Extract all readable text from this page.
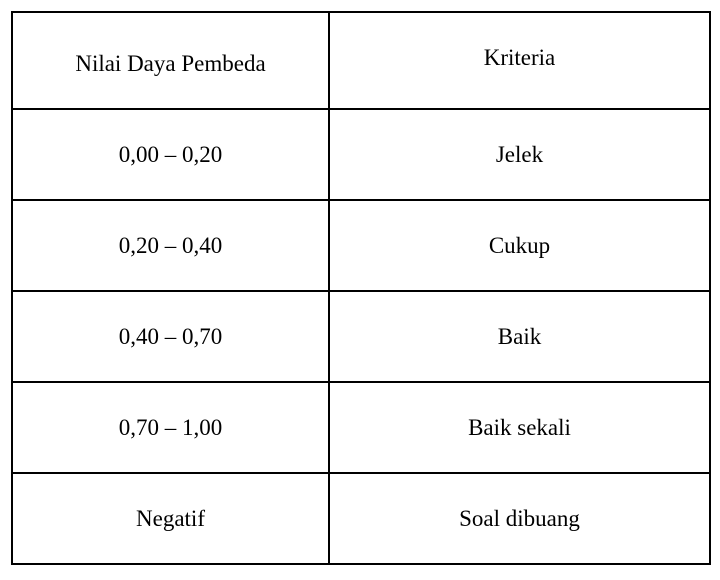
Nilai Daya Pembeda	Kriteria
0,00 – 0,20	Jelek
0,20 – 0,40	Cukup
0,40 – 0,70	Baik
0,70 – 1,00	Baik sekali
Negatif	Soal dibuang
